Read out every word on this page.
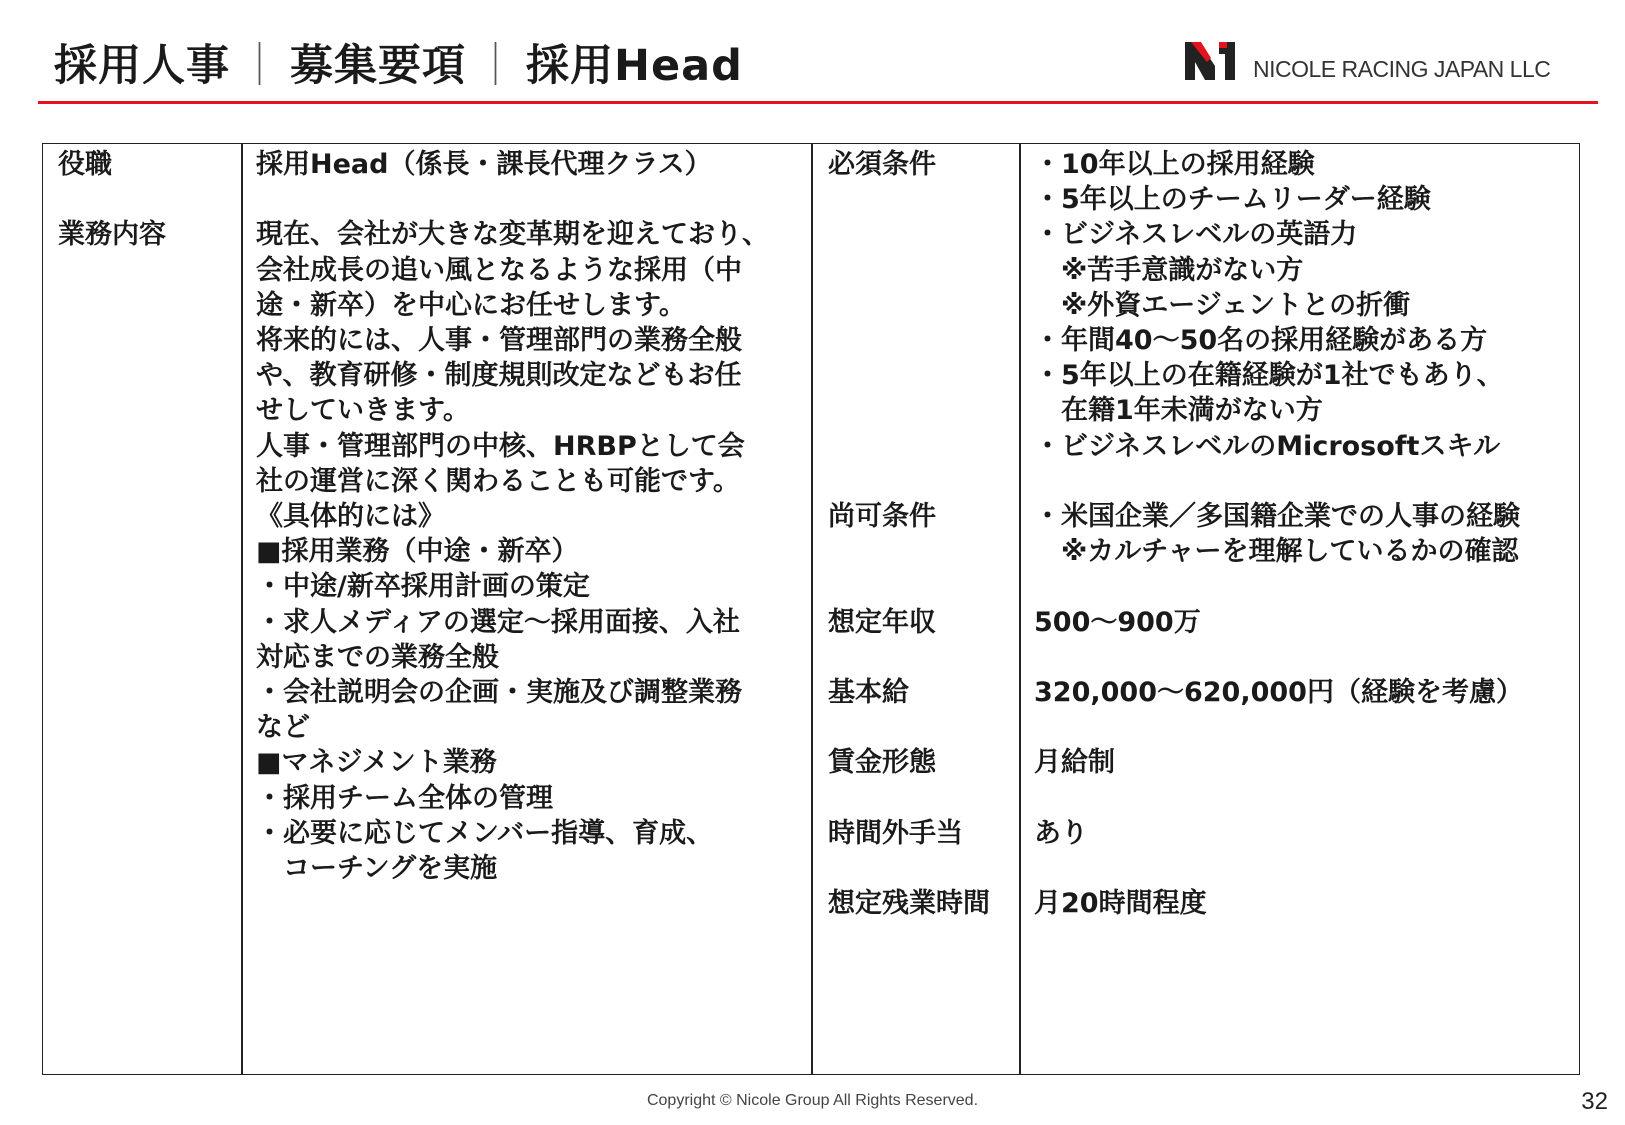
採用人事 ｜ 募集要項 ｜ 採用Head	NICOLE RACING JAPAN LLC
役職
業務内容
採用Head（係長・課長代理クラス）
現在、会社が大きな変革期を迎えており、
会社成長の追い風となるような採用（中
途・新卒）を中心にお任せします。
将来的には、人事・管理部門の業務全般
や、教育研修・制度規則改定などもお任
せしていきます。
人事・管理部門の中核、HRBPとして会
社の運営に深く関わることも可能です。
《具体的には》
■採用業務（中途・新卒）
・中途/新卒採用計画の策定
・求人メディアの選定～採用面接、入社
対応までの業務全般
・会社説明会の企画・実施及び調整業務
など
■マネジメント業務
・採用チーム全体の管理
・必要に応じてメンバー指導、育成、
　コーチングを実施
必須条件
尚可条件
想定年収
基本給
賃金形態
時間外手当
想定残業時間
・10年以上の採用経験
・5年以上のチームリーダー経験
・ビジネスレベルの英語力
　※苦手意識がない方
　※外資エージェントとの折衝
・年間40～50名の採用経験がある方
・5年以上の在籍経験が1社でもあり、
　在籍1年未満がない方
・ビジネスレベルのMicrosoftスキル
・米国企業／多国籍企業での人事の経験
　※カルチャーを理解しているかの確認
500～900万
320,000～620,000円（経験を考慮）
月給制
あり
月20時間程度
Copyright © Nicole Group All Rights Reserved.	32
